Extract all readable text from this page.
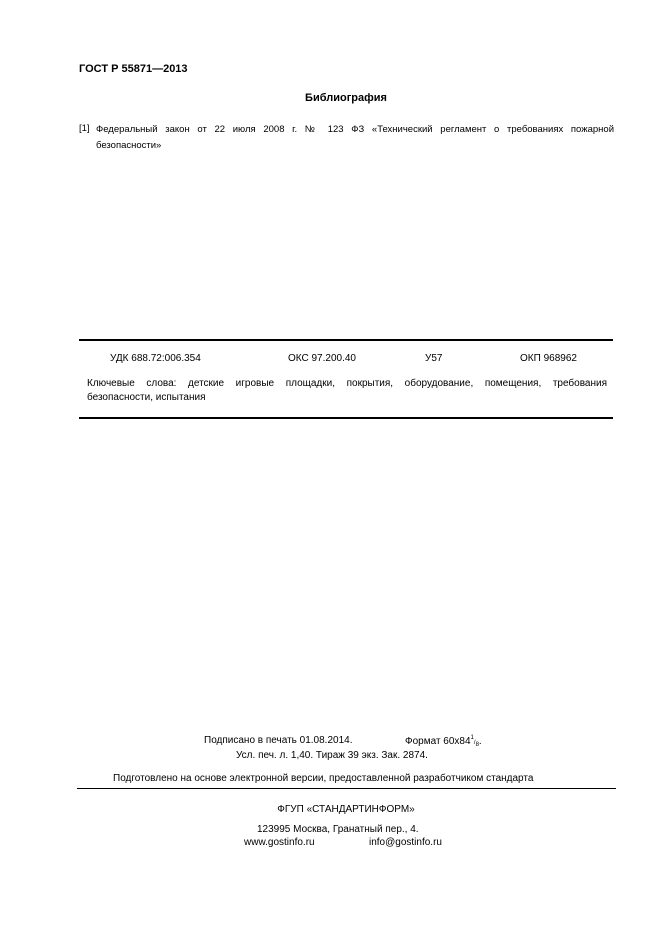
ГОСТ Р 55871—2013
Библиография
[1] Федеральный закон от 22 июля 2008 г. № 123 ФЗ «Технический регламент о требованиях пожарной
безопасности»
УДК 688.72:006.354	ОКС 97.200.40	У57	ОКП 968962
Ключевые слова: детские игровые площадки, покрытия, оборудование, помещения, требования
безопасности, испытания
Подписано в печать 01.08.2014.	Формат $60х84^1/_8$.
Усл. печ. л. 1,40. Тираж 39 экз. Зак. 2874.
Подготовлено на основе электронной версии, предоставленной разработчиком стандарта
ФГУП «СТАНДАРТИНФОРМ»
123995 Москва, Гранатный пер., 4.
www.gostinfo.ru	info@gostinfo.ru
